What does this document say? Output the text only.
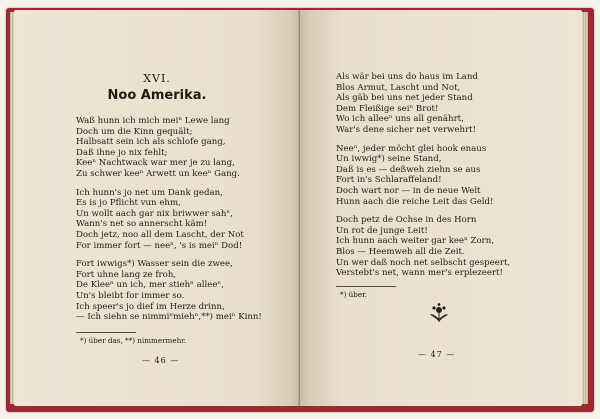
XVI.
Noo Amerika.
Waß hunn ich mich meiⁿ Lewe lang
Doch um die Kinn gequält;
Halbsatt sein ich als schlofe gang,
Daß ihne jo nix fehlt;
Keeⁿ Nachtwack war mer je zu lang,
Zu schwer keeⁿ Arwett un keeⁿ Gang.
Ich hunn's jo net um Dank gedan,
Es is jo Pflicht vun ehm,
Un wollt aach gar nix briwwer sahⁿ,
Wann's net so annerscht käm!
Doch jetz, noo all dem Lascht, der Not
For immer fort — neeⁿ, 's is meiⁿ Dod!
Fort iwwigs*) Wasser sein die zwee,
Fort uhne lang ze froh,
De Kleeⁿ un ich, mer stiehⁿ alleeⁿ,
Un's bleibt for immer so.
Ich speer's jo dief im Herze drinn,
— Ich siehn se nimmiⁿmiehⁿ,**) meiⁿ Kinn!
*) über das, **) nimmermehr.
— 46 —
Als wär bei uns do haus im Land
Blos Armut, Lascht und Not,
Als gäb bei uns net jeder Stand
Dem Fleißige seiⁿ Brot!
Wo ich alleeⁿ uns all genährt,
War's dene sicher net verwehrt!
Neeⁿ, jeder möcht glei hook enaus
Un iwwig*) seine Stand,
Daß is es — deßweh ziehn se aus
Fort in's Schlaraffeland!
Doch wart nor — in de neue Welt
Hunn aach die reiche Leit das Geld!
Doch petz de Ochse in des Horn
Un rot de junge Leit!
Ich hunn aach weiter gar keeⁿ Zorn,
Blos — Heemweh all die Zeit.
Un wer daß noch net selbscht gespeert,
Verstebt's net, wann mer's erplezeert!
*) über.
— 47 —
